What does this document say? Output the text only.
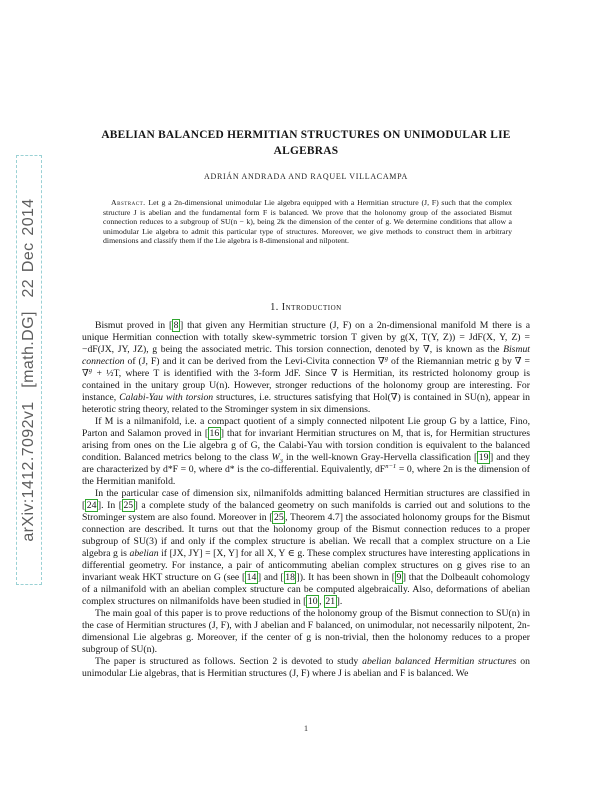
arXiv:1412.7092v1  [math.DG]  22 Dec 2014
ABELIAN BALANCED HERMITIAN STRUCTURES ON UNIMODULAR LIE ALGEBRAS
ADRIÁN ANDRADA AND RAQUEL VILLACAMPA
Abstract. Let g a 2n-dimensional unimodular Lie algebra equipped with a Hermitian structure (J, F) such that the complex structure J is abelian and the fundamental form F is balanced. We prove that the holonomy group of the associated Bismut connection reduces to a subgroup of SU(n − k), being 2k the dimension of the center of g. We determine conditions that allow a unimodular Lie algebra to admit this particular type of structures. Moreover, we give methods to construct them in arbitrary dimensions and classify them if the Lie algebra is 8-dimensional and nilpotent.
1. Introduction

Bismut proved in [ 8 ] that given any Hermitian structure (J, F) on a 2n-dimensional manifold M there is a unique Hermitian connection with totally skew-symmetric torsion T given by g(X, T(Y, Z)) = JdF(X, Y, Z) = −dF(JX, JY, JZ), g being the associated metric. This torsion connection, denoted by ∇, is known as the Bismut connection of (J, F) and it can be derived from the Levi-Civita connection ∇$^g$ of the Riemannian metric g by ∇ = ∇$^g$ + ½T, where T is identified with the 3-form JdF. Since ∇ is Hermitian, its restricted holonomy group is contained in the unitary group U(n). However, stronger reductions of the holonomy group are interesting. For instance, Calabi-Yau with torsion structures, i.e. structures satisfying that Hol(∇) is contained in SU(n), appear in heterotic string theory, related to the Strominger system in six dimensions.

If M is a nilmanifold, i.e. a compact quotient of a simply connected nilpotent Lie group G by a lattice, Fino, Parton and Salamon proved in [ 16 ] that for invariant Hermitian structures on M, that is, for Hermitian structures arising from ones on the Lie algebra g of G, the Calabi-Yau with torsion condition is equivalent to the balanced condition. Balanced metrics belong to the class $W_3$ in the well-known Gray-Hervella classification [ 19 ] and they are characterized by d*F = 0, where d* is the co-differential. Equivalently, $dF^{n-1} = 0$, where 2n is the dimension of the Hermitian manifold.

In the particular case of dimension six, nilmanifolds admitting balanced Hermitian structures are classified in [ 24 ]. In [ 25 ] a complete study of the balanced geometry on such manifolds is carried out and solutions to the Strominger system are also found. Moreover in [ 25 , Theorem 4.7] the associated holonomy groups for the Bismut connection are described. It turns out that the holonomy group of the Bismut connection reduces to a proper subgroup of SU(3) if and only if the complex structure is abelian. We recall that a complex structure on a Lie algebra g is abelian if [JX, JY] = [X, Y] for all X, Y ∈ g. These complex structures have interesting applications in differential geometry. For instance, a pair of anticommuting abelian complex structures on g gives rise to an invariant weak HKT structure on G (see [ 14 ] and [ 18 ]). It has been shown in [ 9 ] that the Dolbeault cohomology of a nilmanifold with an abelian complex structure can be computed algebraically. Also, deformations of abelian complex structures on nilmanifolds have been studied in [ 10 , 21 ].

The main goal of this paper is to prove reductions of the holonomy group of the Bismut connection to SU(n) in the case of Hermitian structures (J, F), with J abelian and F balanced, on unimodular, not necessarily nilpotent, 2n-dimensional Lie algebras g. Moreover, if the center of g is non-trivial, then the holonomy reduces to a proper subgroup of SU(n).

The paper is structured as follows. Section 2 is devoted to study abelian balanced Hermitian structures on unimodular Lie algebras, that is Hermitian structures (J, F) where J is abelian and F is balanced. We

1
